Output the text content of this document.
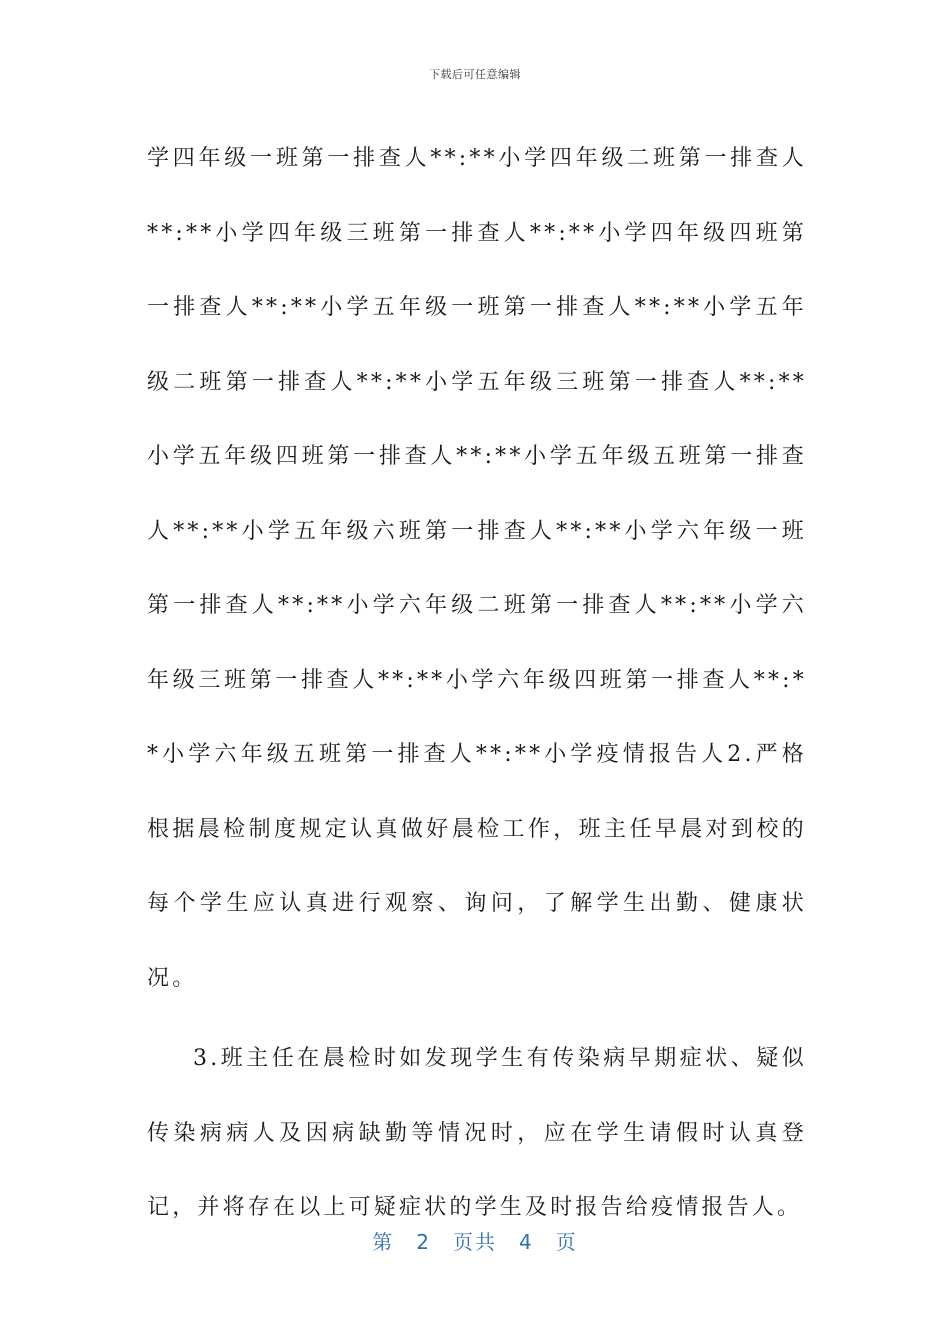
下载后可任意编辑

学四年级一班第一排查人**:**小学四年级二班第一排查人**:**小学四年级三班第一排查人**:**小学四年级四班第一排查人**:**小学五年级一班第一排查人**:**小学五年级二班第一排查人**:**小学五年级三班第一排查人**:**小学五年级四班第一排查人**:**小学五年级五班第一排查人**:**小学五年级六班第一排查人**:**小学六年级一班第一排查人**:**小学六年级二班第一排查人**:**小学六年级三班第一排查人**:**小学六年级四班第一排查人**:**小学六年级五班第一排查人**:**小学疫情报告人2.严格根据晨检制度规定认真做好晨检工作，班主任早晨对到校的每个学生应认真进行观察、询问，了解学生出勤、健康状况。

3.班主任在晨检时如发现学生有传染病早期症状、疑似传染病病人及因病缺勤等情况时，应在学生请假时认真登记，并将存在以上可疑症状的学生及时报告给疫情报告人。

第 2 页共 4 页
